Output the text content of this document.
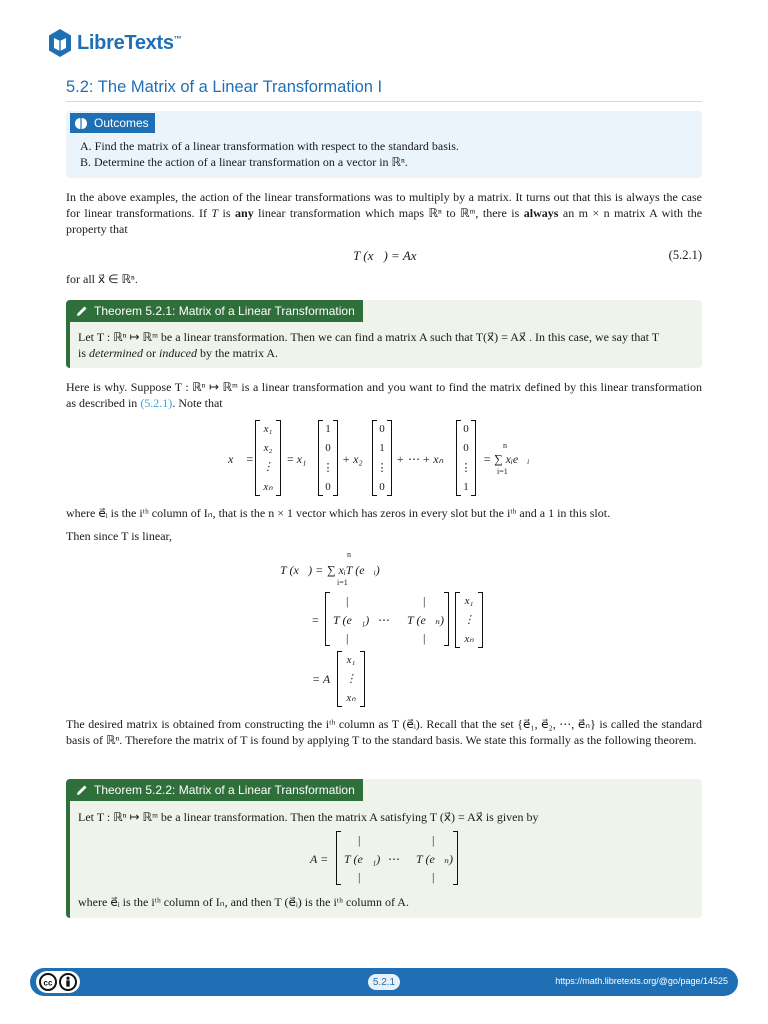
LibreTexts™
5.2: The Matrix of a Linear Transformation I
Outcomes
A. Find the matrix of a linear transformation with respect to the standard basis.
B. Determine the action of a linear transformation on a vector in ℝⁿ.
In the above examples, the action of the linear transformations was to multiply by a matrix. It turns out that this is always the case for linear transformations. If T is any linear transformation which maps ℝⁿ to ℝᵐ, there is always an m × n matrix A with the property that
T (x⃗) = Ax⃗	(5.2.1)
for all x⃗ ∈ ℝⁿ.
Theorem 5.2.1: Matrix of a Linear Transformation
Let T : ℝⁿ ↦ ℝᵐ be a linear transformation. Then we can find a matrix A such that T(x⃗) = Ax⃗ . In this case, we say that T
is determined or induced by the matrix A.
Here is why. Suppose T : ℝⁿ ↦ ℝᵐ is a linear transformation and you want to find the matrix defined by this linear transformation as described in (5.2.1). Note that
x⃗ =
x₁
x₂
⋮
xₙ
= x₁
1
0
⋮
0
+ x₂
0
1
⋮
0
+ ⋯ + xₙ
0
0
⋮
1
n
= ∑ xᵢe⃗ᵢ
i=1
where e⃗ᵢ is the iᵗʰ column of Iₙ, that is the n × 1 vector which has zeros in every slot but the iᵗʰ and a 1 in this slot.
Then since T is linear,
T (x⃗) =
n
∑ xᵢT (e⃗ᵢ)
i=1
=
|	|
T (e⃗₁) ⋯ T (e⃗ₙ)
|	|
x₁
⋮
xₙ
= A
x₁
⋮
xₙ
The desired matrix is obtained from constructing the iᵗʰ column as T (e⃗ᵢ). Recall that the set {e⃗₁, e⃗₂, ⋯, e⃗ₙ} is called the standard basis of ℝⁿ. Therefore the matrix of T is found by applying T to the standard basis. We state this formally as the following theorem.
Theorem 5.2.2: Matrix of a Linear Transformation
Let T : ℝⁿ ↦ ℝᵐ be a linear transformation. Then the matrix A satisfying T (x⃗) = Ax⃗ is given by
A =
|	|
T (e⃗₁) ⋯ T (e⃗ₙ)
|	|
where e⃗ᵢ is the iᵗʰ column of Iₙ, and then T (e⃗ᵢ) is the iᵗʰ column of A.
cc	5.2.1	https://math.libretexts.org/@go/page/14525
